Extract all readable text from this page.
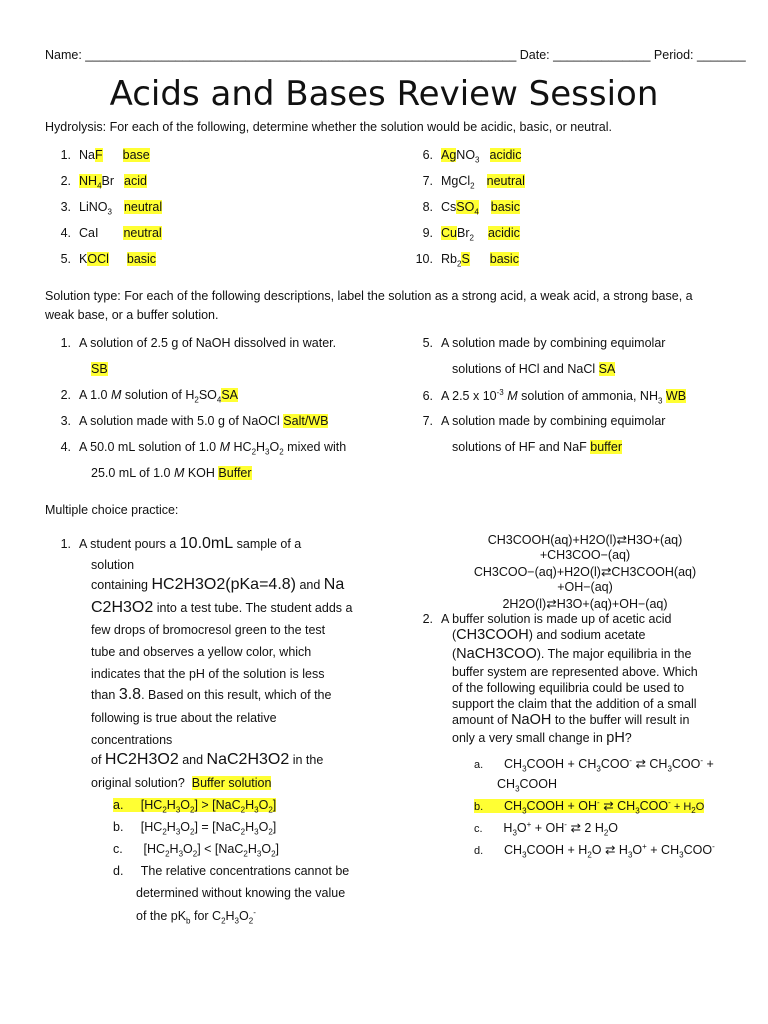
Name: ______________________________________________________________ Date: ______________ Period: _______
Acids and Bases Review Session
Hydrolysis: For each of the following, determine whether the solution would be acidic, basic, or neutral.
1. NaF base
2. $NH_4Br$ acid
3. LiNO$_3$ neutral
4. CaI neutral
5. KOCl basic
6. AgNO$_3$ acidic
7. MgCl$_2$ neutral
8. CsSO$_4$ basic
9. CuBr$_2$ acidic
10. $Rb_2S$ basic
Solution type: For each of the following descriptions, label the solution as a strong acid, a weak acid, a strong base, a
weak base, or a buffer solution.
1. A solution of 2.5 g of NaOH dissolved in water.
SB
2. A 1.0 M solution of $H_2SO_4SA$
3. A solution made with 5.0 g of NaOCl Salt/WB
4. A 50.0 mL solution of 1.0 M $HC_2H_3O_2$ mixed with
25.0 mL of 1.0 M KOH Buffer
5. A solution made by combining equimolar
solutions of HCl and NaCl SA
6. A 2.5 x $10^{-3}$ M solution of ammonia, $NH_3$ WB
7. A solution made by combining equimolar
solutions of HF and NaF buffer
Multiple choice practice:
1. A student pours a 10.0mL sample of a
solution
containing HC2H3O2(pKa=4.8) and Na
C2H3O2 into a test tube. The student adds a
few drops of bromocresol green to the test
tube and observes a yellow color, which
indicates that the pH of the solution is less
than 3.8. Based on this result, which of the
following is true about the relative
concentrations
of HC2H3O2 and NaC2H3O2 in the
original solution?  Buffer solution
a.     $[HC_2H_3O_2] > [NaC_2H_3O_2]$
b.     $[HC_2H_3O_2] = [NaC_2H_3O_2]$
c.      $[HC_2H_3O_2] < [NaC_2H_3O_2]$
d.     The relative concentrations cannot be
determined without knowing the value
of the $pK_b$ for $C_2H_3O_2^-$
CH3COOH(aq)+H2O(l)⇄H3O+(aq)
+CH3COO−(aq)
CH3COO−(aq)+H2O(l)⇄CH3COOH(aq)
+OH−(aq)
2H2O(l)⇄H3O+(aq)+OH−(aq)
2. A buffer solution is made up of acetic acid
(CH3COOH) and sodium acetate
(NaCH3COO). The major equilibria in the
buffer system are represented above. Which
of the following equilibria could be used to
support the claim that the addition of a small
amount of NaOH to the buffer will result in
only a very small change in pH?
a.      $CH_3COOH + CH_3COO^-$ ⇄ $CH_3COO^-$ +
$CH_3COOH$
b.      $CH_3COOH + OH^-$ ⇄ $CH_3COO^- + H_2O$
c.      $H_3O^+ + OH^-$ ⇄ 2 $H_2O$
d.      $CH_3COOH + H_2O$ ⇄ $H_3O^+ + CH_3COO^-$
